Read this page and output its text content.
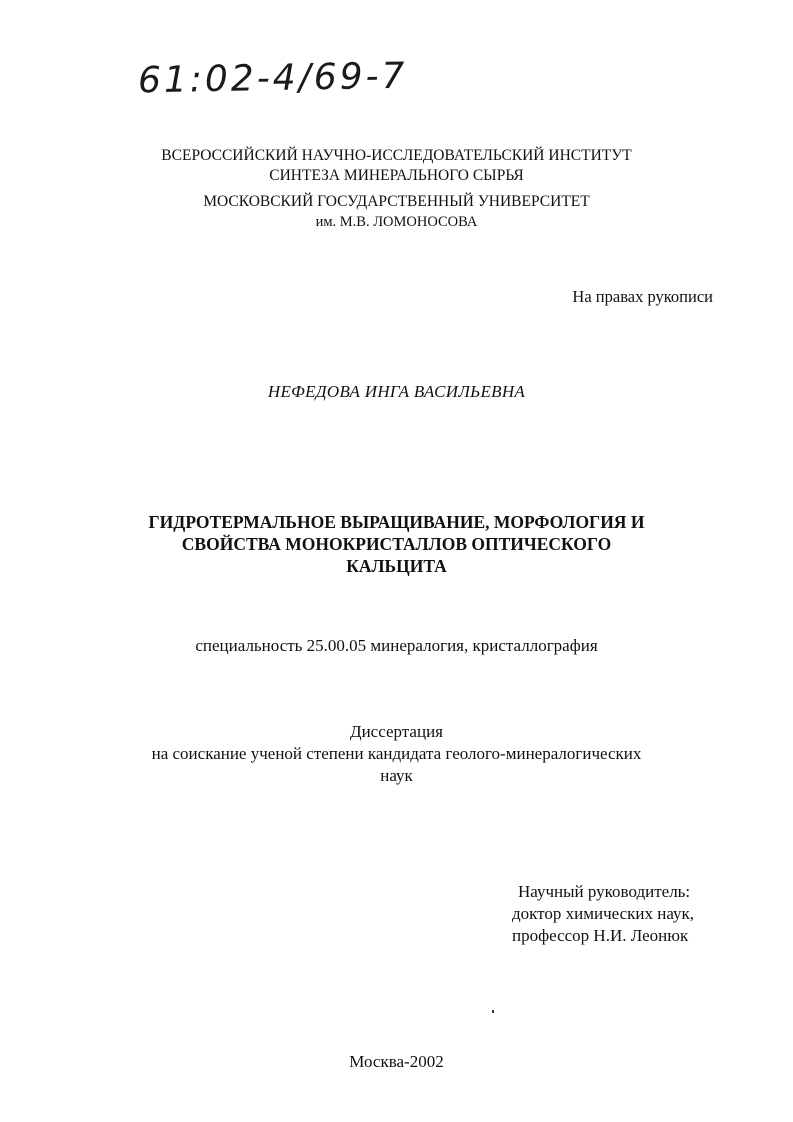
61:02-4/69-7
ВСЕРОССИЙСКИЙ НАУЧНО-ИССЛЕДОВАТЕЛЬСКИЙ ИНСТИТУТ
СИНТЕЗА МИНЕРАЛЬНОГО СЫРЬЯ
МОСКОВСКИЙ ГОСУДАРСТВЕННЫЙ УНИВЕРСИТЕТ
им. М.В. ЛОМОНОСОВА
На правах рукописи
НЕФЕДОВА ИНГА ВАСИЛЬЕВНА
ГИДРОТЕРМАЛЬНОЕ ВЫРАЩИВАНИЕ, МОРФОЛОГИЯ И
СВОЙСТВА МОНОКРИСТАЛЛОВ ОПТИЧЕСКОГО
КАЛЬЦИТА
специальность 25.00.05 минералогия, кристаллография
Диссертация
на соискание ученой степени кандидата геолого-минералогических
наук
Научный руководитель:
доктор химических наук,
профессор Н.И. Леонюк
Москва-2002
